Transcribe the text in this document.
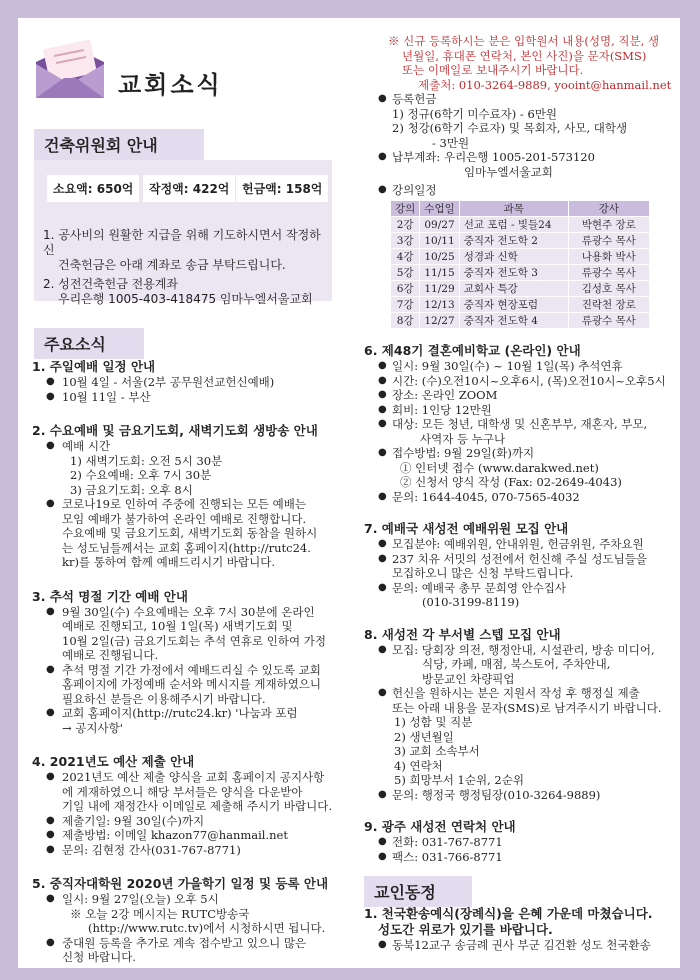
교회소식
건축위원회 안내
소요액: 650억	작정액: 422억	헌금액: 158억
1. 공사비의 원활한 지급을 위해 기도하시면서 작정하신
건축헌금은 아래 계좌로 송금 부탁드립니다.
2. 성전건축헌금 전용계좌
우리은행 1005-403-418475 임마누엘서울교회
주요소식
1. 주일예배 일정 안내
● 10월 4일 - 서울(2부 공무원선교헌신예배)
● 10월 11일 - 부산
2. 수요예배 및 금요기도회, 새벽기도회 생방송 안내
● 예배 시간
1) 새벽기도회: 오전 5시 30분
2) 수요예배: 오후 7시 30분
3) 금요기도회: 오후 8시
● 코로나19로 인하여 주중에 진행되는 모든 예배는
모임 예배가 불가하여 온라인 예배로 진행합니다.
수요예배 및 금요기도회, 새벽기도회 동참을 원하시
는 성도님들께서는 교회 홈페이지(http://rutc24.
kr)를 통하여 함께 예배드리시기 바랍니다.
3. 추석 명절 기간 예배 안내
● 9월 30일(수) 수요예배는 오후 7시 30분에 온라인
예배로 진행되고, 10월 1일(목) 새벽기도회 및
10월 2일(금) 금요기도회는 추석 연휴로 인하여 가정
예배로 진행됩니다.
● 추석 명절 기간 가정에서 예배드리실 수 있도록 교회
홈페이지에 가정예배 순서와 메시지를 게재하였으니
필요하신 분들은 이용해주시기 바랍니다.
● 교회 홈페이지(http://rutc24.kr) '나눔과 포럼
→ 공지사항'
4. 2021년도 예산 제출 안내
● 2021년도 예산 제출 양식을 교회 홈페이지 공지사항
에 게재하였으니 해당 부서들은 양식을 다운받아
기일 내에 재정간사 이메일로 제출해 주시기 바랍니다.
● 제출기일: 9월 30일(수)까지
● 제출방법: 이메일 khazon77@hanmail.net
● 문의: 김현정 간사(031-767-8771)
5. 중직자대학원 2020년 가을학기 일정 및 등록 안내
● 일시: 9월 27일(오늘) 오후 5시
※ 오늘 2강 메시지는 RUTC방송국
(http://www.rutc.tv)에서 시청하시면 됩니다.
● 중대원 등록을 추가로 계속 접수받고 있으니 많은
신청 바랍니다.
※ 신규 등록하시는 분은 입학원서 내용(성명, 직분, 생
년월일, 휴대폰 연락처, 본인 사진)을 문자(SMS)
또는 이메일로 보내주시기 바랍니다.
제출처: 010-3264-9889, yooint@hanmail.net
● 등록헌금
1) 정규(6학기 미수료자) - 6만원
2) 청강(6학기 수료자) 및 목회자, 사모, 대학생
- 3만원
● 납부계좌: 우리은행 1005-201-573120
임마누엘서울교회
● 강의일정
강의	수업일	과목	강사
2강	09/27	선교 포럼 - 빛들24	박현주 장로
3강	10/11	중직자 전도학 2	류광수 목사
4강	10/25	성경과 신학	나용화 박사
5강	11/15	중직자 전도학 3	류광수 목사
6강	11/29	교회사 특강	김성호 목사
7강	12/13	중직자 현장포럼	진락천 장로
8강	12/27	중직자 전도학 4	류광수 목사
6. 제48기 결혼예비학교 (온라인) 안내
● 일시: 9월 30일(수) ~ 10월 1일(목) 추석연휴
● 시간: (수)오전10시~오후6시, (목)오전10시~오후5시
● 장소: 온라인 ZOOM
● 회비: 1인당 12만원
● 대상: 모든 청년, 대학생 및 신혼부부, 재혼자, 부모,
사역자 등 누구나
● 접수방법: 9월 29일(화)까지
① 인터넷 접수 (www.darakwed.net)
② 신청서 양식 작성 (Fax: 02-2649-4043)
● 문의: 1644-4045, 070-7565-4032
7. 예배국 새성전 예배위원 모집 안내
● 모집분야: 예배위원, 안내위원, 헌금위원, 주차요원
● 237 치유 서밋의 성전에서 헌신해 주실 성도님들을
모집하오니 많은 신청 부탁드립니다.
● 문의: 예배국 총무 문희영 안수집사
(010-3199-8119)
8. 새성전 각 부서별 스텝 모집 안내
● 모집: 당회장 의전, 행정안내, 시설관리, 방송 미디어,
식당, 카페, 매점, 북스토어, 주차안내,
방문교인 차량픽업
● 헌신을 원하시는 분은 지원서 작성 후 행정실 제출
또는 아래 내용을 문자(SMS)로 남겨주시기 바랍니다.
1) 성함 및 직분
2) 생년월일
3) 교회 소속부서
4) 연락처
5) 희망부서 1순위, 2순위
● 문의: 행정국 행정팀장(010-3264-9889)
9. 광주 새성전 연락처 안내
● 전화: 031-767-8771
● 팩스: 031-766-8771
교인동정
1. 천국환송예식(장례식)을 은혜 가운데 마쳤습니다.
성도간 위로가 있기를 바랍니다.
● 동북12교구 송금례 권사 부군 김건환 성도 천국환송
